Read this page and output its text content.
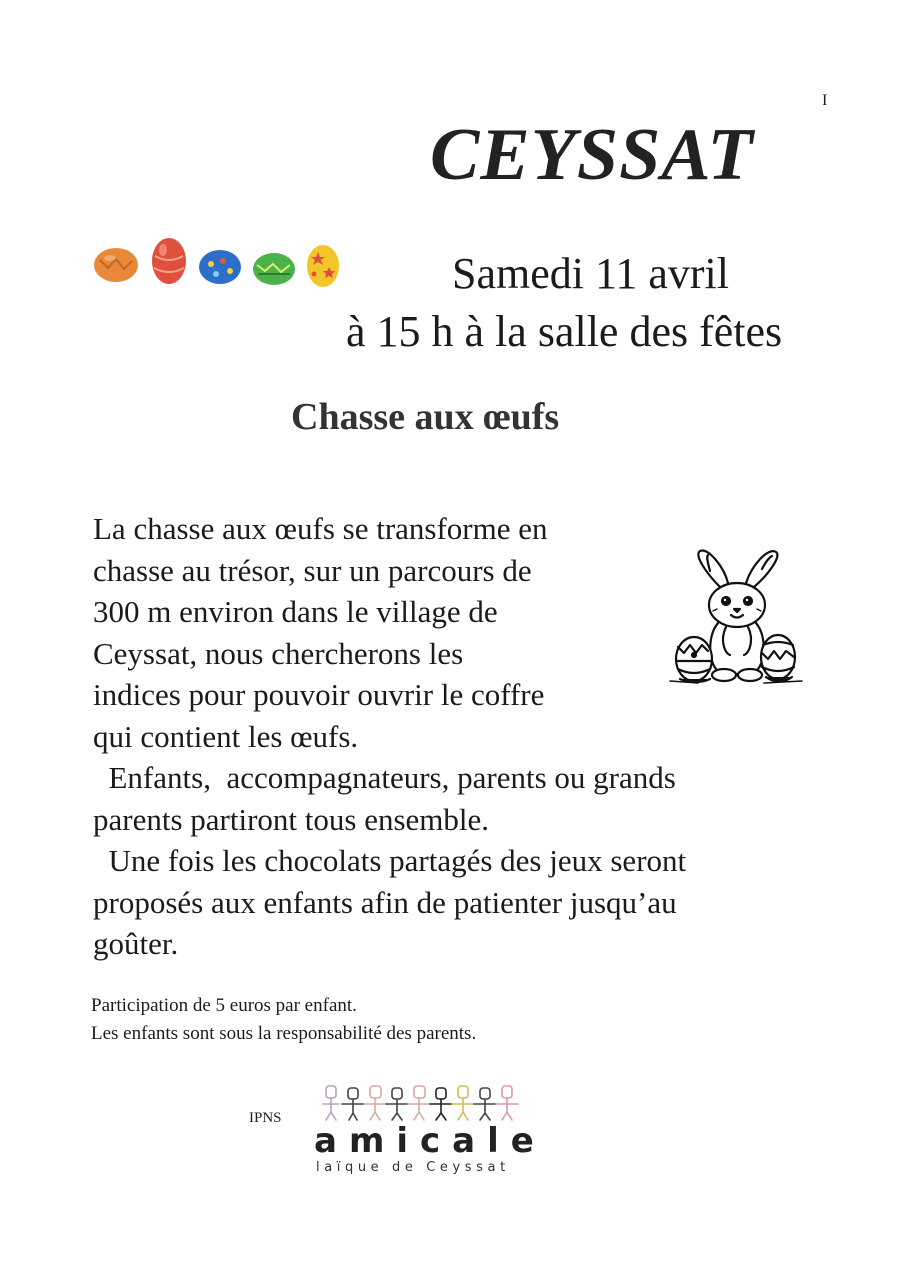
I
CEYSSAT
Samedi 11 avril
à 15 h à la salle des fêtes
Chasse aux œufs

La chasse aux œufs se transforme en
chasse au trésor, sur un parcours de
300 m environ dans le village de
Ceyssat, nous chercherons les
indices pour pouvoir ouvrir le coffre
qui contient les œufs.
Enfants,  accompagnateurs, parents ou grands
parents partiront tous ensemble.
Une fois les chocolats partagés des jeux seront
proposés aux enfants afin de patienter jusqu’au
goûter.

Participation de 5 euros par enfant.
Les enfants sont sous la responsabilité des parents.
IPNS
amicale
laïque de Ceyssat
